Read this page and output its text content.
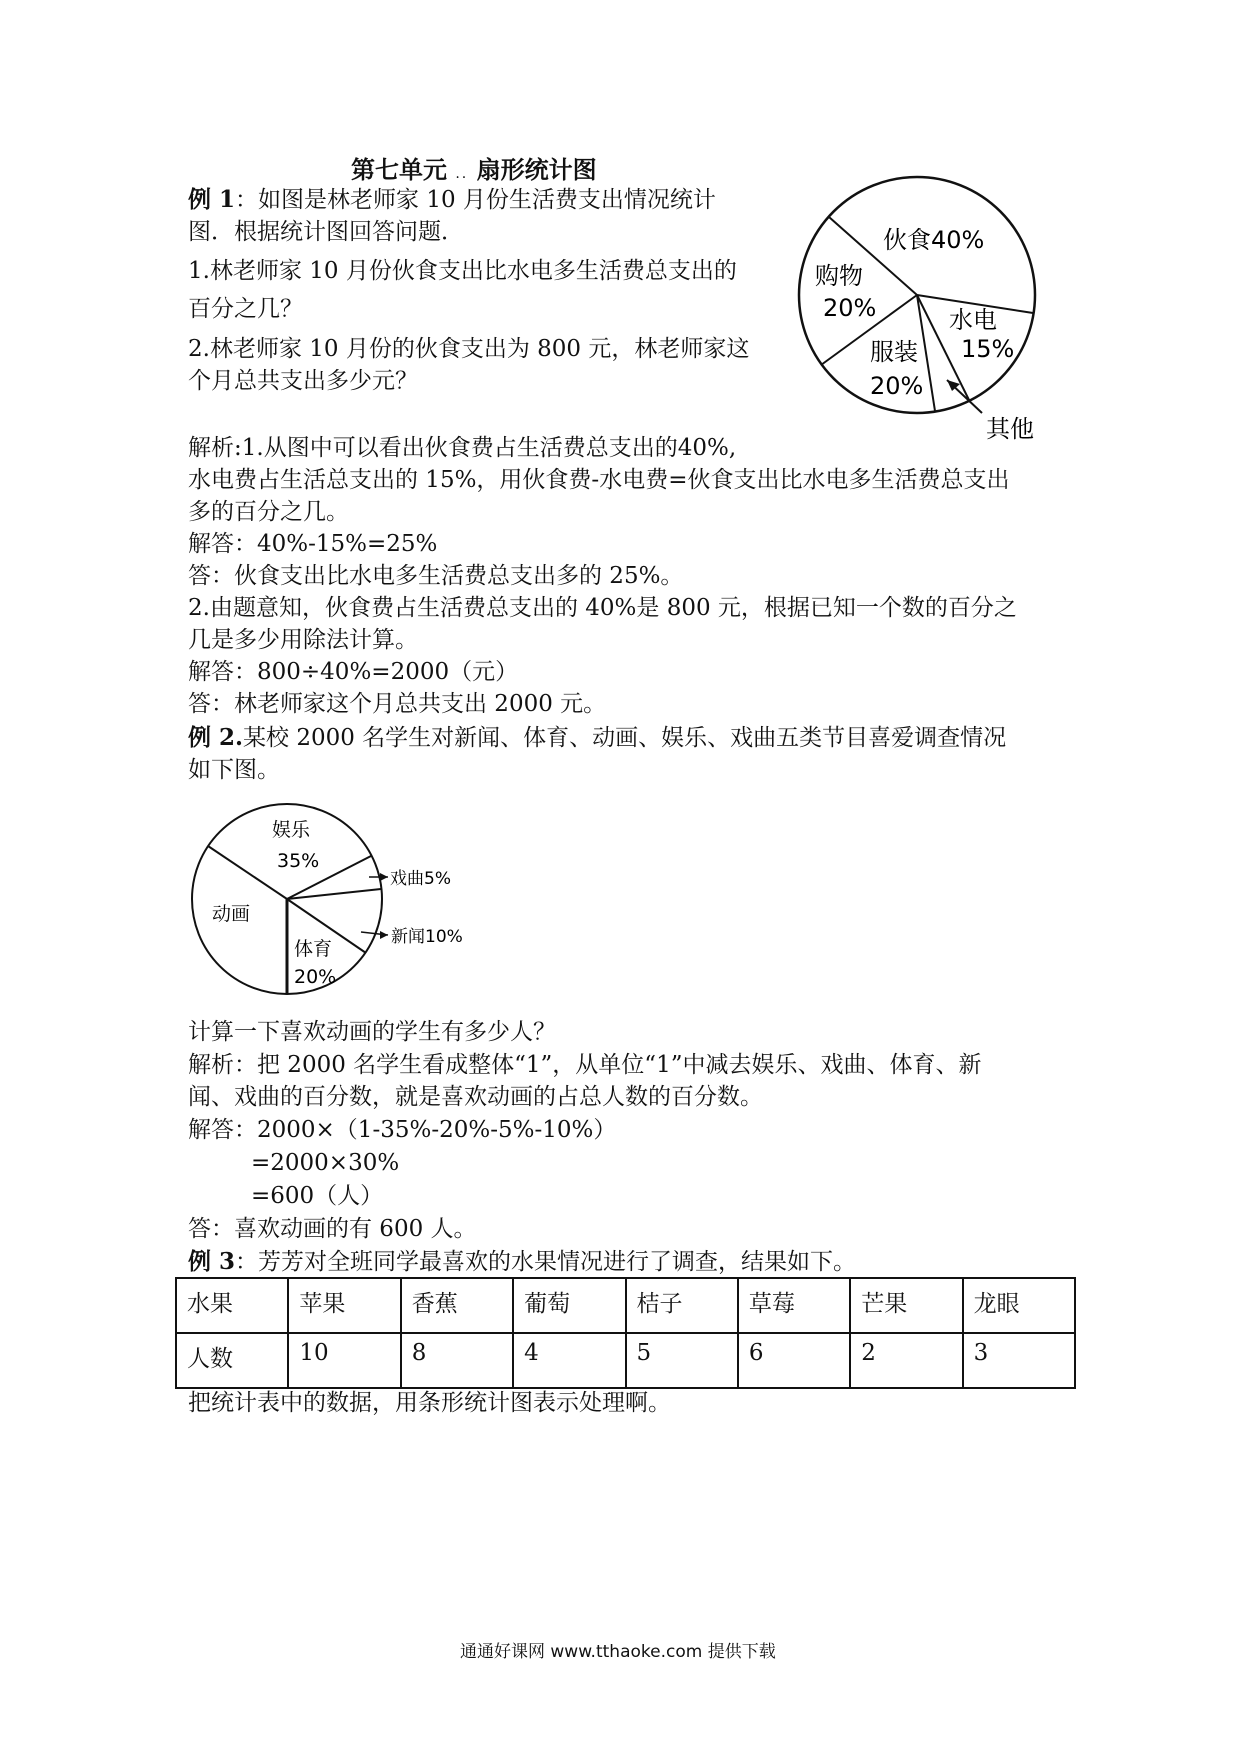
第七单元 .. 扇形统计图
例 1：如图是林老师家 10 月份生活费支出情况统计
图．根据统计图回答问题．
1.林老师家 10 月份伙食支出比水电多生活费总支出的
百分之几？
2.林老师家 10 月份的伙食支出为 800 元，林老师家这
个月总共支出多少元？
伙食40%
购物
20%	水电
15%
服装
20%
其他
解析:1.从图中可以看出伙食费占生活费总支出的40%,
水电费占生活总支出的 15%，用伙食费-水电费=伙食支出比水电多生活费总支出
多的百分之几。
解答：40%-15%=25%
答：伙食支出比水电多生活费总支出多的 25%。
2.由题意知，伙食费占生活费总支出的 40%是 800 元，根据已知一个数的百分之
几是多少用除法计算。
解答：800÷40%=2000（元）
答：林老师家这个月总共支出 2000 元。
例 2.某校 2000 名学生对新闻、体育、动画、娱乐、戏曲五类节目喜爱调查情况
如下图。
娱乐
35%
戏曲5%
动画
体育
20%
新闻10%
计算一下喜欢动画的学生有多少人？
解析：把 2000 名学生看成整体“1”，从单位“1”中减去娱乐、戏曲、体育、新
闻、戏曲的百分数，就是喜欢动画的占总人数的百分数。
解答：2000×（1-35%-20%-5%-10%）
=2000×30%
=600（人）
答：喜欢动画的有 600 人。
例 3：芳芳对全班同学最喜欢的水果情况进行了调查，结果如下。
水果	苹果	香蕉	葡萄	桔子	草莓	芒果	龙眼
人数	10	8	4	5	6	2	3
把统计表中的数据，用条形统计图表示处理啊。
通通好课网 www.tthaoke.com 提供下载
